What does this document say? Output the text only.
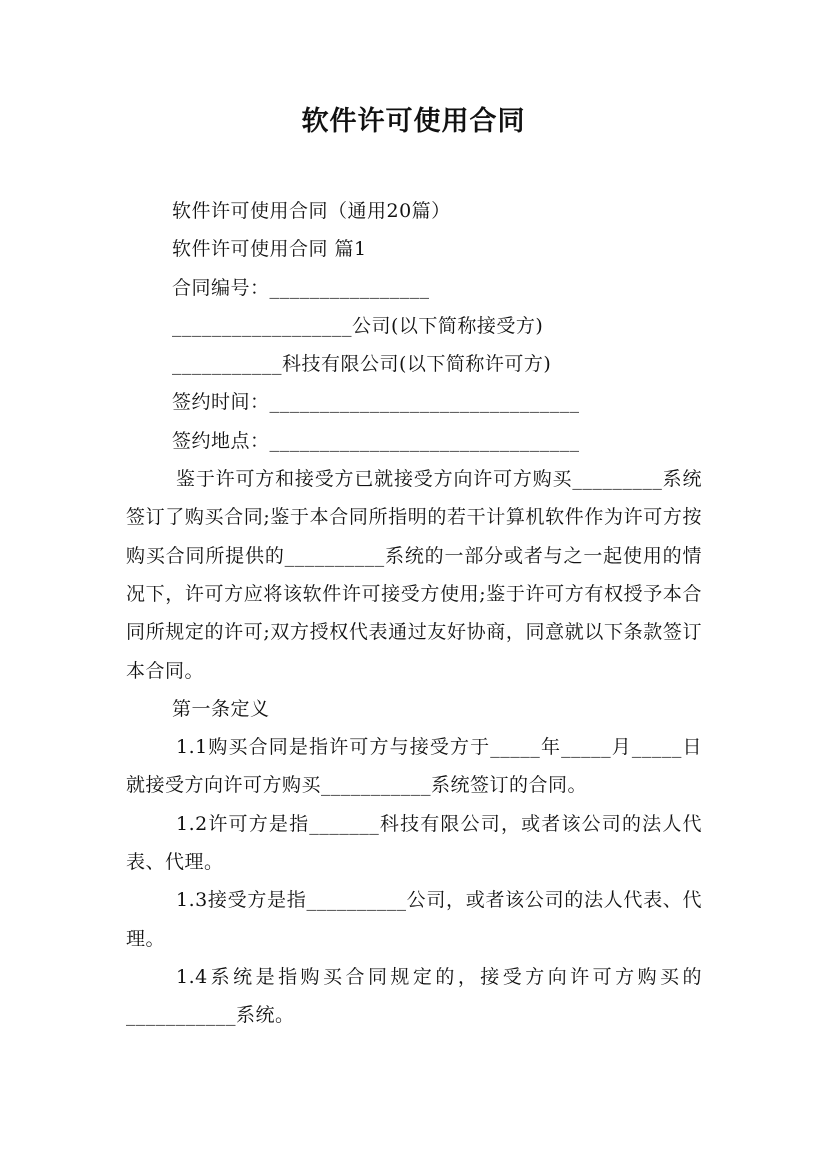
软件许可使用合同

软件许可使用合同（通用20篇）

软件许可使用合同 篇1

合同编号：________________

__________________公司(以下简称接受方)

___________科技有限公司(以下简称许可方)

签约时间：_______________________________

签约地点：_______________________________

鉴于许可方和接受方已就接受方向许可方购买_________系统签订了购买合同;鉴于本合同所指明的若干计算机软件作为许可方按购买合同所提供的__________系统的一部分或者与之一起使用的情况下，许可方应将该软件许可接受方使用;鉴于许可方有权授予本合同所规定的许可;双方授权代表通过友好协商，同意就以下条款签订本合同。

第一条定义

1.1购买合同是指许可方与接受方于_____年_____月_____日就接受方向许可方购买___________系统签订的合同。

1.2许可方是指_______科技有限公司，或者该公司的法人代表、代理。

1.3接受方是指__________公司，或者该公司的法人代表、代理。

1.4系统是指购买合同规定的，接受方向许可方购买的___________系统。
